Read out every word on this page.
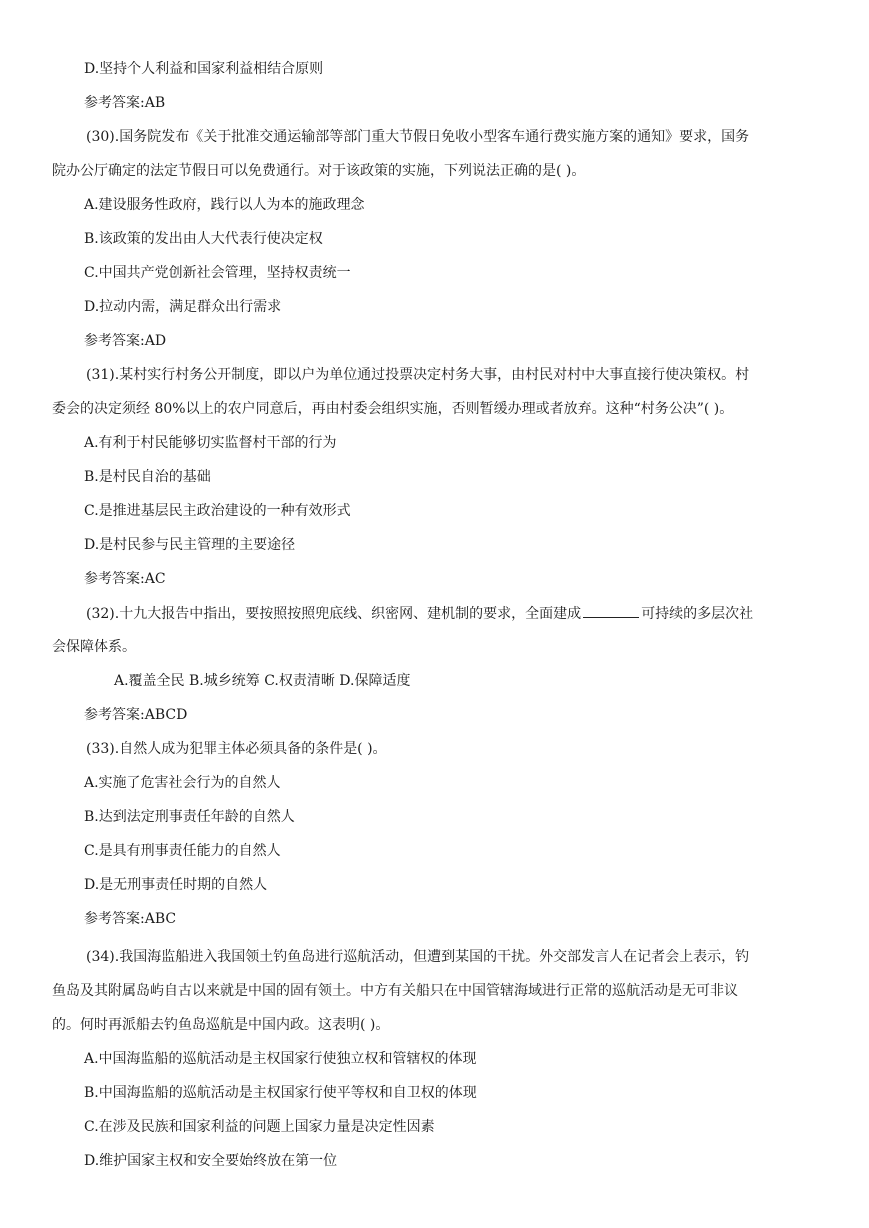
D.坚持个人利益和国家利益相结合原则
参考答案:AB
(30).国务院发布《关于批准交通运输部等部门重大节假日免收小型客车通行费实施方案的通知》要求，国务
院办公厅确定的法定节假日可以免费通行。对于该政策的实施，下列说法正确的是( )。
A.建设服务性政府，践行以人为本的施政理念
B.该政策的发出由人大代表行使决定权
C.中国共产党创新社会管理，坚持权责统一
D.拉动内需，满足群众出行需求
参考答案:AD
(31).某村实行村务公开制度，即以户为单位通过投票决定村务大事，由村民对村中大事直接行使决策权。村
委会的决定须经 80%以上的农户同意后，再由村委会组织实施，否则暂缓办理或者放弃。这种“村务公决”( )。
A.有利于村民能够切实监督村干部的行为
B.是村民自治的基础
C.是推进基层民主政治建设的一种有效形式
D.是村民参与民主管理的主要途径
参考答案:AC
(32).十九大报告中指出，要按照按照兜底线、织密网、建机制的要求，全面建成	可持续的多层次社
会保障体系。
A.覆盖全民 B.城乡统筹 C.权责清晰 D.保障适度
参考答案:ABCD
(33).自然人成为犯罪主体必须具备的条件是( )。
A.实施了危害社会行为的自然人
B.达到法定刑事责任年龄的自然人
C.是具有刑事责任能力的自然人
D.是无刑事责任时期的自然人
参考答案:ABC
(34).我国海监船进入我国领土钓鱼岛进行巡航活动，但遭到某国的干扰。外交部发言人在记者会上表示，钓
鱼岛及其附属岛屿自古以来就是中国的固有领土。中方有关船只在中国管辖海域进行正常的巡航活动是无可非议
的。何时再派船去钓鱼岛巡航是中国内政。这表明( )。
A.中国海监船的巡航活动是主权国家行使独立权和管辖权的体现
B.中国海监船的巡航活动是主权国家行使平等权和自卫权的体现
C.在涉及民族和国家利益的问题上国家力量是决定性因素
D.维护国家主权和安全要始终放在第一位
